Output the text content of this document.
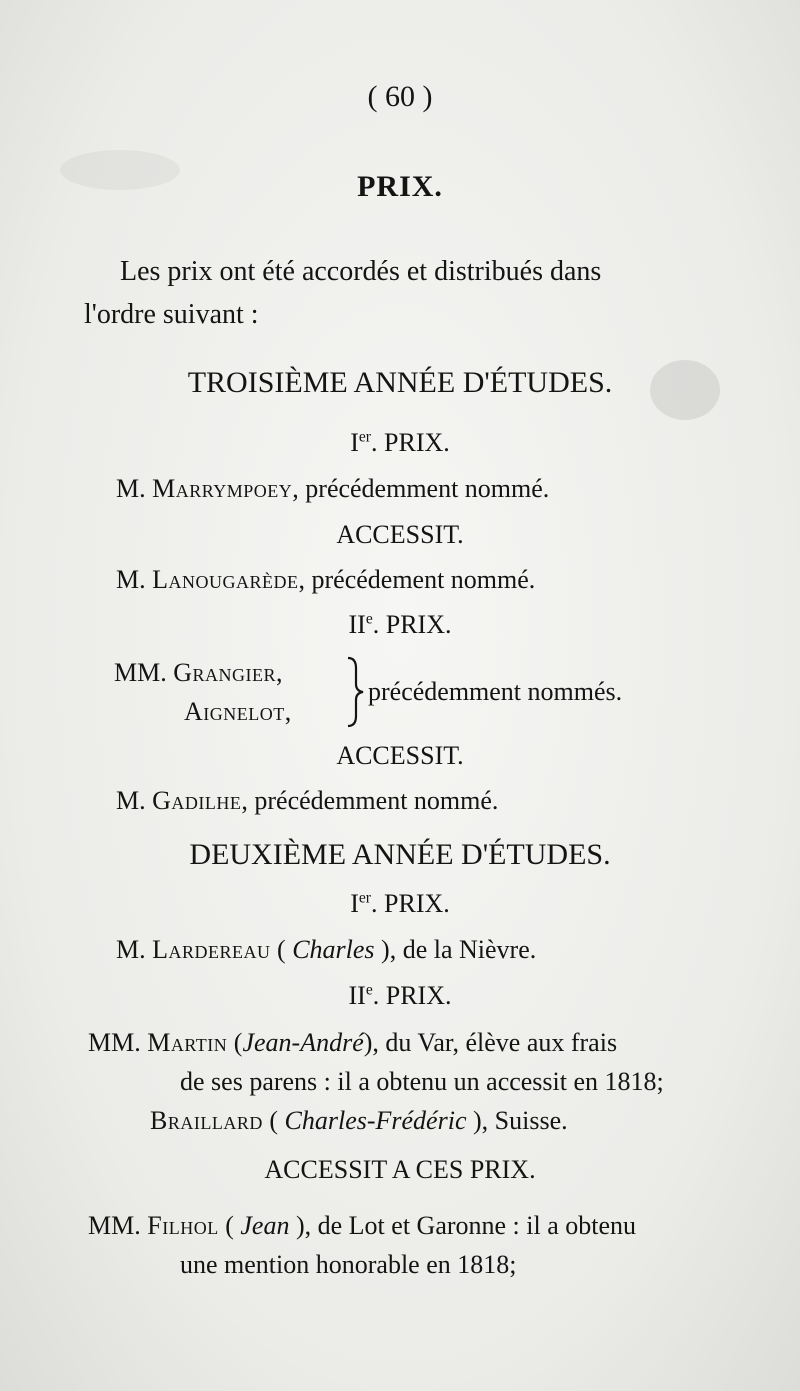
( 60 )
PRIX.
Les prix ont été accordés et distribués dans
l'ordre suivant :
TROISIÈME ANNÉE D'ÉTUDES.
Ier. PRIX.
M. Marrympoey, précédemment nommé.
ACCESSIT.
M. Lanougarède, précédement nommé.
IIe. PRIX.
MM. Grangier,
Aignelot,
précédemment nommés.
ACCESSIT.
M. Gadilhe, précédemment nommé.
DEUXIÈME ANNÉE D'ÉTUDES.
Ier. PRIX.
M. Lardereau ( Charles ), de la Nièvre.
IIe. PRIX.
MM. Martin (Jean-André), du Var, élève aux frais
de ses parens : il a obtenu un accessit en 1818;
Braillard ( Charles-Frédéric ), Suisse.
ACCESSIT A CES PRIX.
MM. Filhol ( Jean ), de Lot et Garonne : il a obtenu
une mention honorable en 1818;
